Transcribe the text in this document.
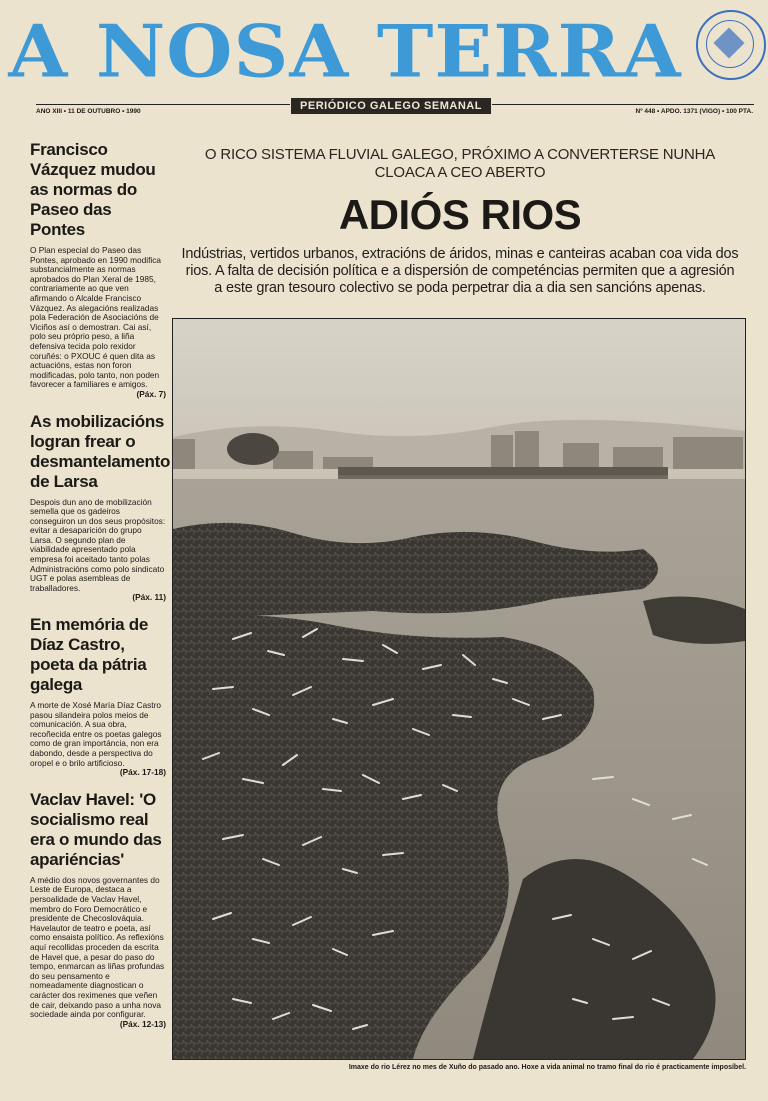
A NOSA TERRA
PERIÓDICO GALEGO SEMANAL
ANO XIII • 11 DE OUTUBRO • 1990	Nº 448 • APDO. 1371 (VIGO) • 100 PTA.
Francisco Vázquez mudou as normas do Paseo das Pontes

O Plan especial do Paseo das Pontes, aprobado en 1990 modifica substancialmente as normas aprobados do Plan Xeral de 1985, contrariamente ao que ven afirmando o Alcalde Francisco Vázquez. As alegacións realizadas pola Federación de Asociacións de Viciños así o demostran. Cai así, polo seu próprio peso, a liña defensiva tecida polo rexidor coruñés: o PXOUC é quen dita as actuacións, estas non foron modificadas, polo tanto, non poden favorecer a familiares e amigos.

(Páx. 7)
As mobilizacións logran frear o desmantelamento de Larsa

Despois dun ano de mobilización semella que os gadeiros conseguiron un dos seus propósitos: evitar a desaparición do grupo Larsa. O segundo plan de viabilidade apresentado pola empresa foi aceitado tanto polas Administracións como polo sindicato UGT e polas asembleas de traballadores.

(Páx. 11)
En memória de Díaz Castro, poeta da pátria galega

A morte de Xosé María Díaz Castro pasou silandeira polos meios de comunicación. A sua obra, recoñecida entre os poetas galegos como de gran importáncia, non era dabondo, desde a perspectiva do oropel e o brilo artificioso.

(Páx. 17-18)
Vaclav Havel: 'O socialismo real era o mundo das apariéncias'

A médio dos novos governantes do Leste de Europa, destaca a persoalidade de Vaclav Havel, membro do Foro Democrático e presidente de Checoslováquia. Havelautor de teatro e poeta, así como ensaista político. As reflexións aquí recollidas proceden da escrita de Havel que, a pesar do paso do tempo, enmarcan as liñas profundas do seu pensamento e nomeadamente diagnostican o carácter dos reximenes que veñen de cair, deixando paso a unha nova sociedade ainda por configurar.

(Páx. 12-13)
O RICO SISTEMA FLUVIAL GALEGO, PRÓXIMO A CONVERTERSE NUNHA CLOACA A CEO ABERTO
ADIÓS RIOS
Indústrias, vertidos urbanos, extracións de áridos, minas e canteiras acaban coa vida dos rios. A falta de decisión política e a dispersión de competéncias permiten que a agresión a este gran tesouro colectivo se poda perpetrar dia a dia sen sancións apenas.
Imaxe do rio Lérez no mes de Xuño do pasado ano. Hoxe a vida animal no tramo final do rio é practicamente imposíbel.
